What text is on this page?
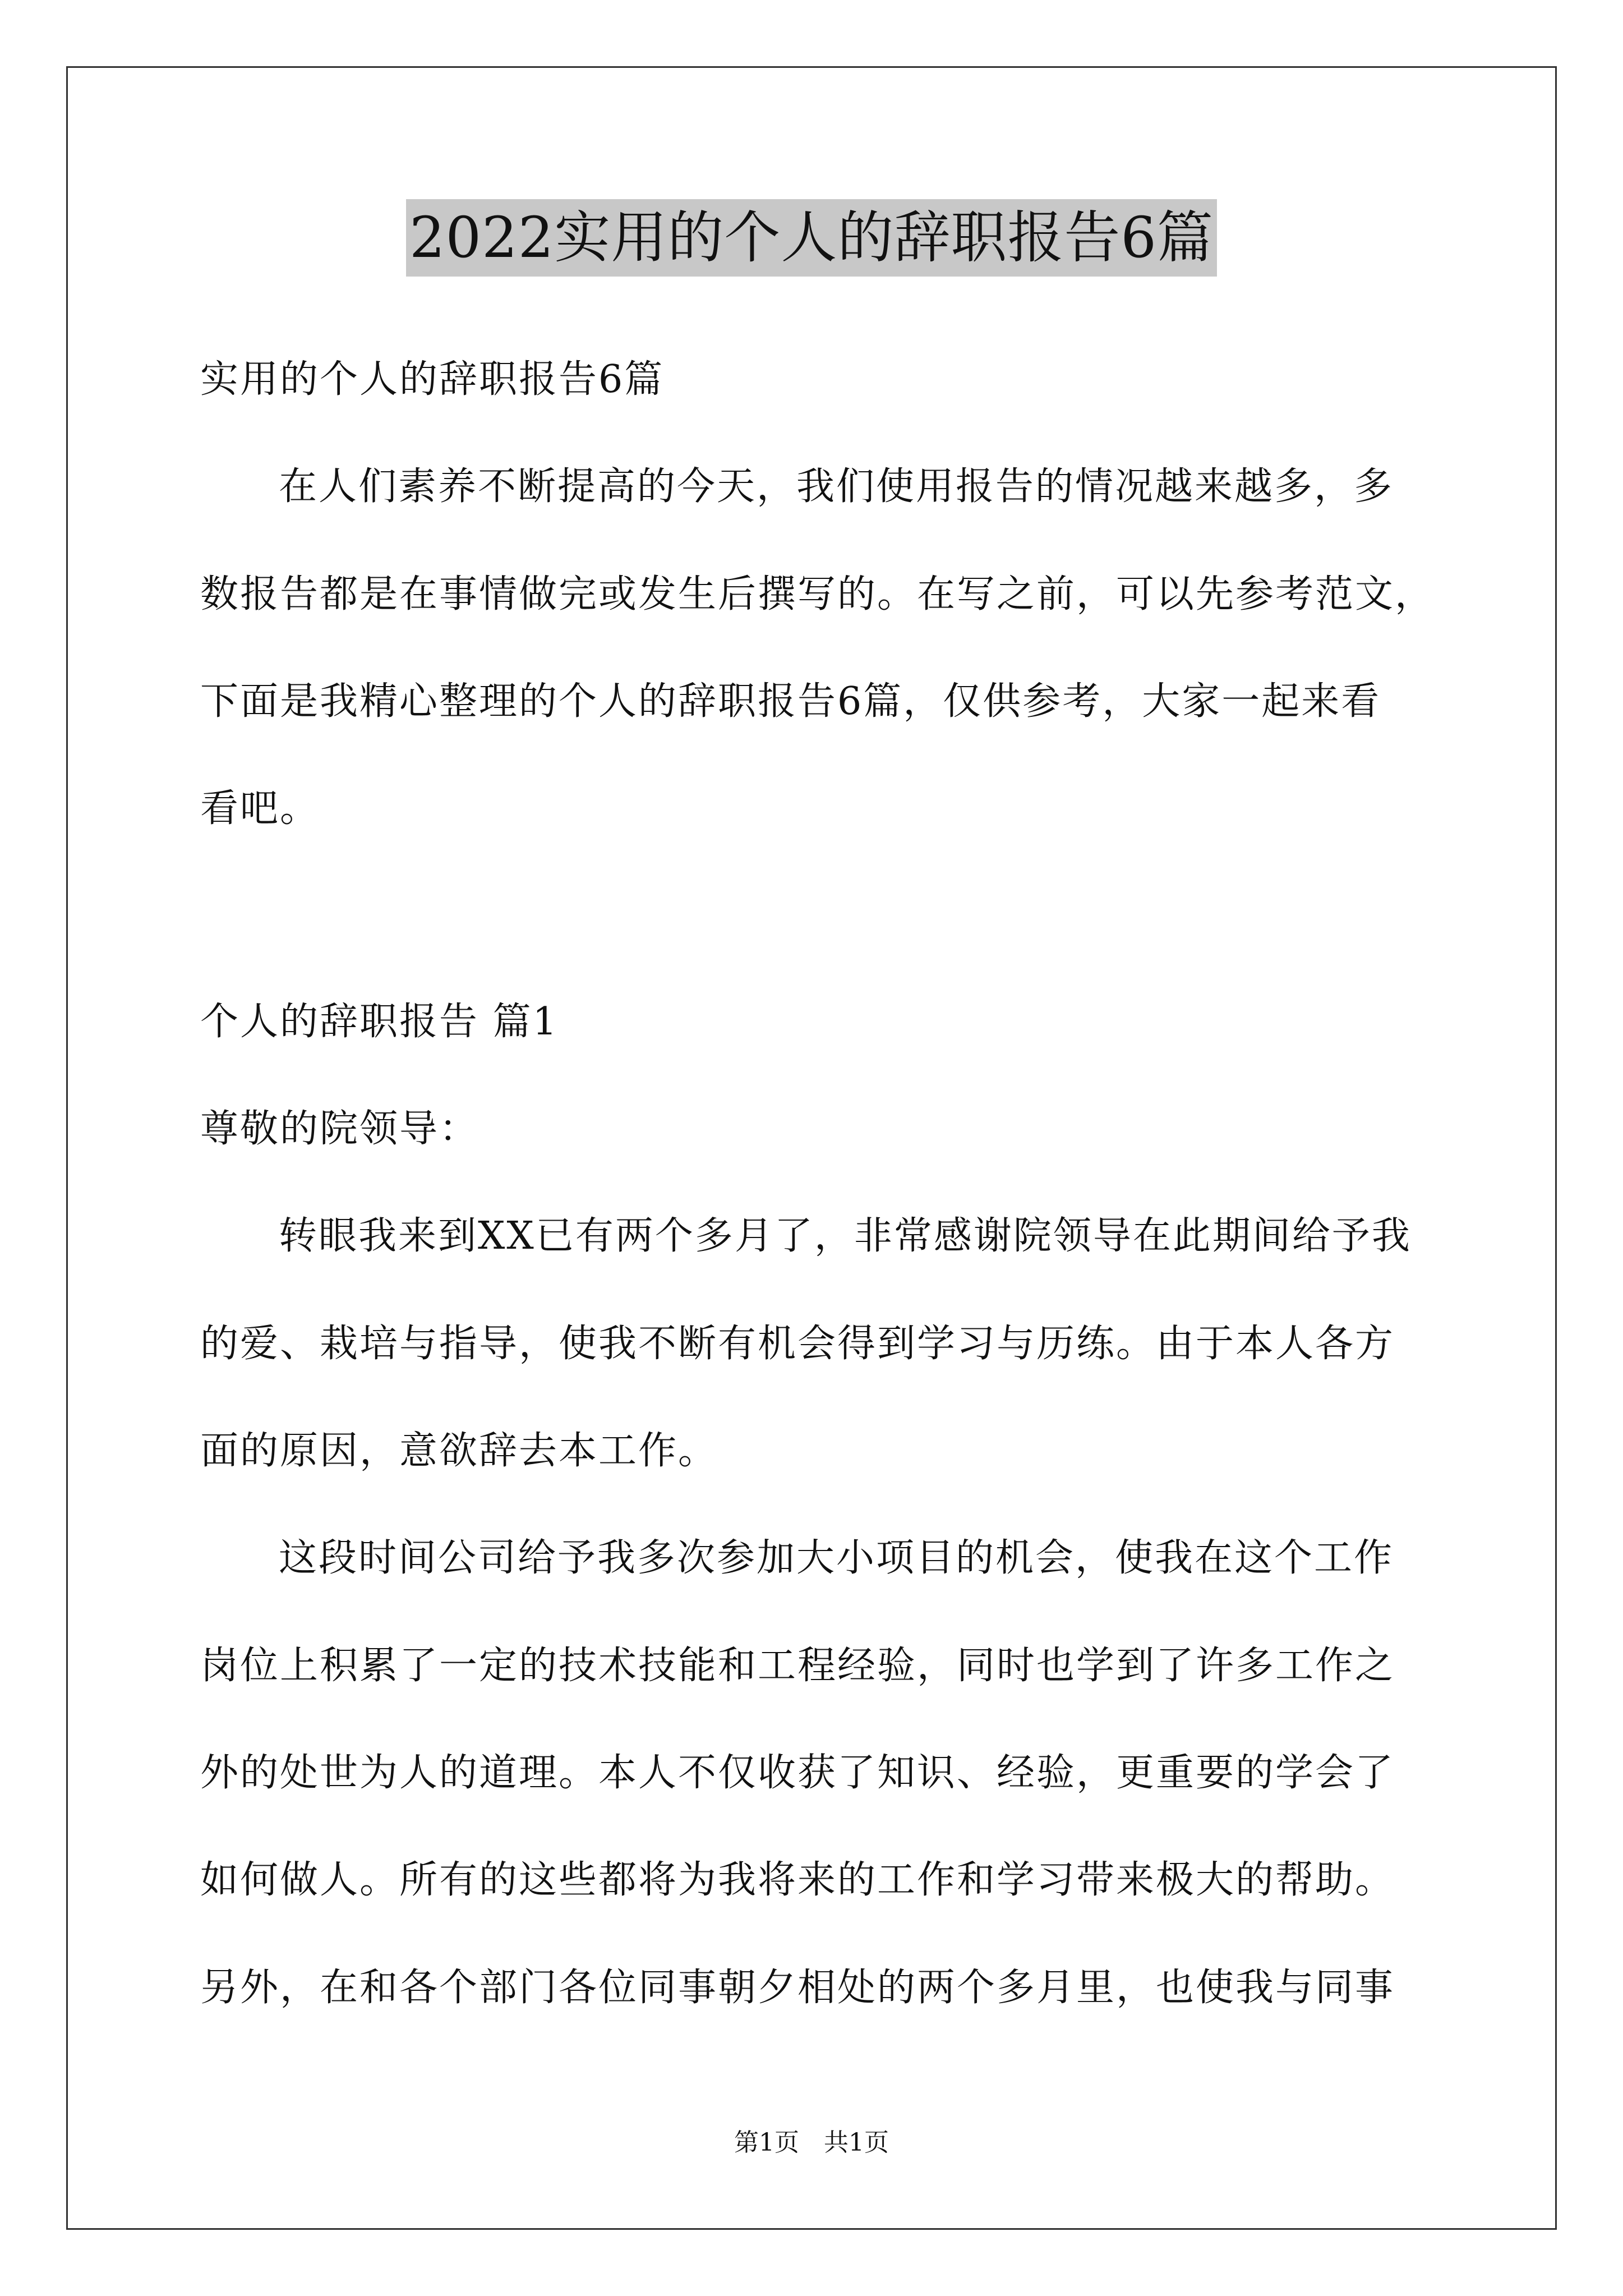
2022实用的个人的辞职报告6篇
实用的个人的辞职报告6篇
在人们素养不断提高的今天，我们使用报告的情况越来越多，多
数报告都是在事情做完或发生后撰写的。在写之前，可以先参考范文，
下面是我精心整理的个人的辞职报告6篇，仅供参考，大家一起来看
看吧。
个人的辞职报告 篇1
尊敬的院领导：
转眼我来到XX已有两个多月了，非常感谢院领导在此期间给予我
的爱、栽培与指导，使我不断有机会得到学习与历练。由于本人各方
面的原因，意欲辞去本工作。
这段时间公司给予我多次参加大小项目的机会，使我在这个工作
岗位上积累了一定的技术技能和工程经验，同时也学到了许多工作之
外的处世为人的道理。本人不仅收获了知识、经验，更重要的学会了
如何做人。所有的这些都将为我将来的工作和学习带来极大的帮助。
另外，在和各个部门各位同事朝夕相处的两个多月里，也使我与同事
第1页　共1页
